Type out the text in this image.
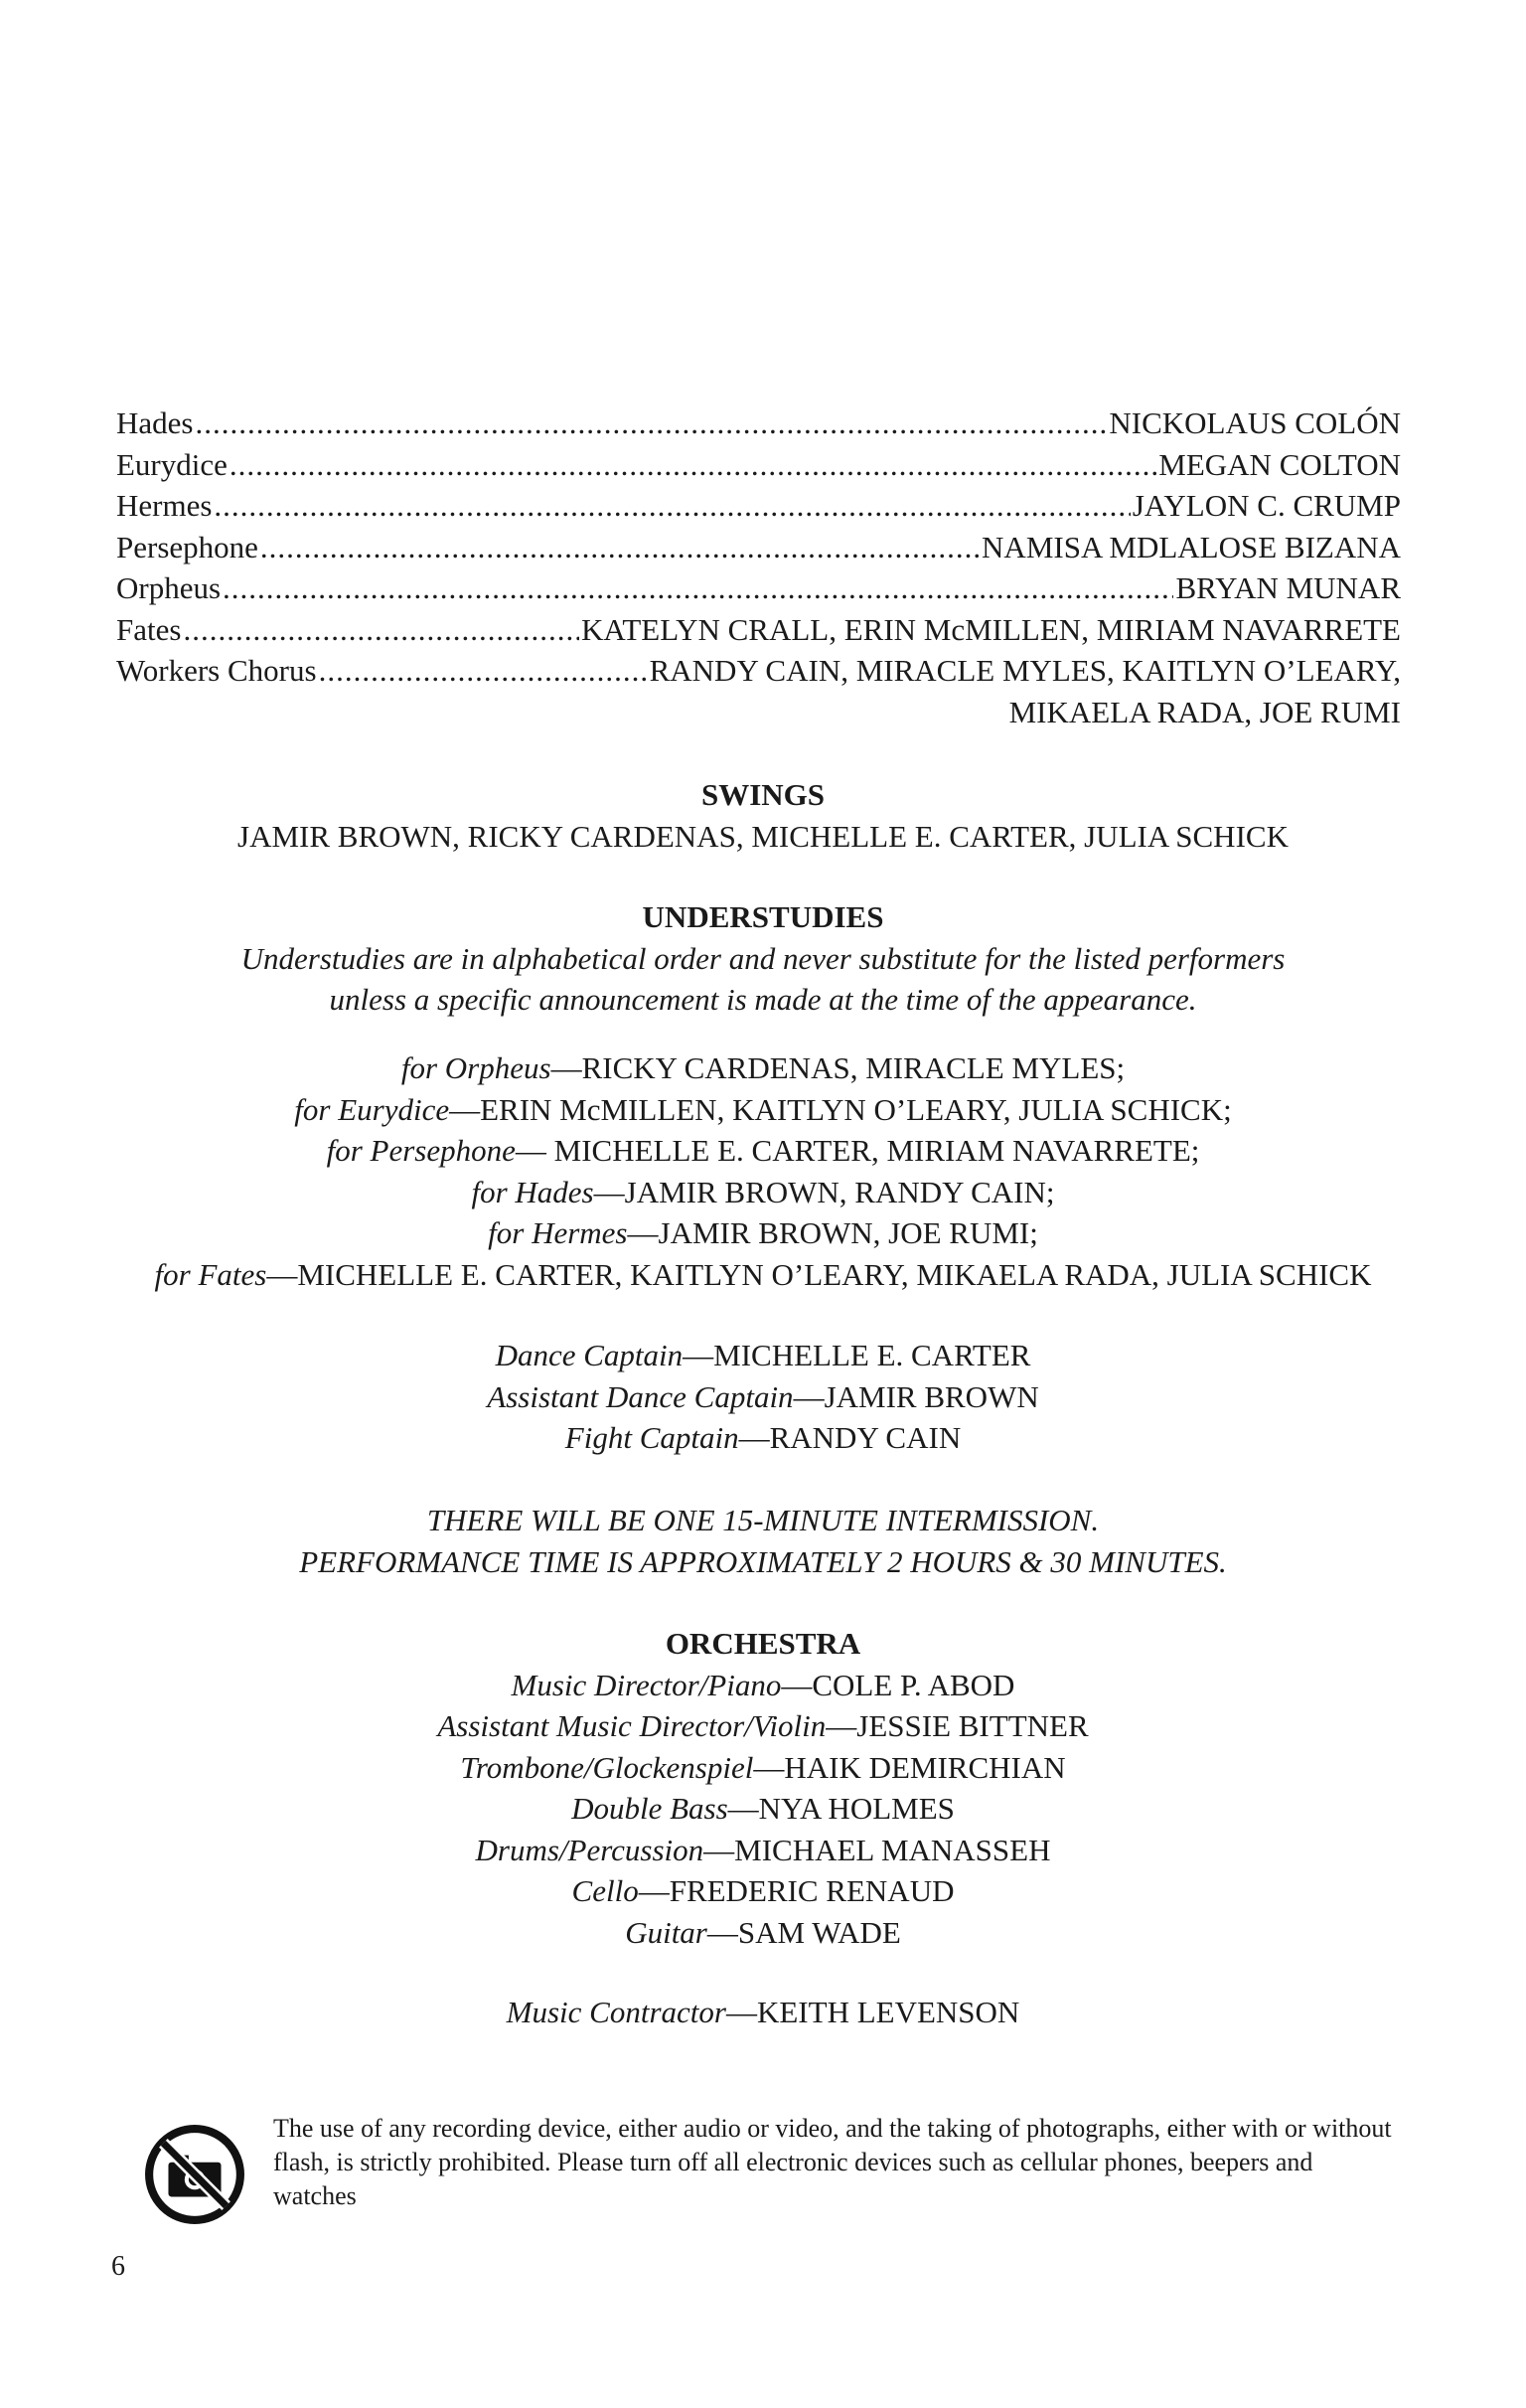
Hades .....	NICKOLAUS COLÓN
Eurydice .....	MEGAN COLTON
Hermes .....	JAYLON C. CRUMP
Persephone .....	NAMISA MDLALOSE BIZANA
Orpheus .....	BRYAN MUNAR
Fates .....	KATELYN CRALL, ERIN McMILLEN, MIRIAM NAVARRETE
Workers Chorus .....	RANDY CAIN, MIRACLE MYLES, KAITLYN O’LEARY,
MIKAELA RADA, JOE RUMI
SWINGS
JAMIR BROWN, RICKY CARDENAS, MICHELLE E. CARTER, JULIA SCHICK
UNDERSTUDIES
Understudies are in alphabetical order and never substitute for the listed performers
unless a specific announcement is made at the time of the appearance.
for Orpheus—RICKY CARDENAS, MIRACLE MYLES;
for Eurydice—ERIN McMILLEN, KAITLYN O’LEARY, JULIA SCHICK;
for Persephone— MICHELLE E. CARTER, MIRIAM NAVARRETE;
for Hades—JAMIR BROWN, RANDY CAIN;
for Hermes—JAMIR BROWN, JOE RUMI;
for Fates—MICHELLE E. CARTER, KAITLYN O’LEARY, MIKAELA RADA, JULIA SCHICK
Dance Captain—MICHELLE E. CARTER
Assistant Dance Captain—JAMIR BROWN
Fight Captain—RANDY CAIN
THERE WILL BE ONE 15-MINUTE INTERMISSION.
PERFORMANCE TIME IS APPROXIMATELY 2 HOURS & 30 MINUTES.
ORCHESTRA
Music Director/Piano—COLE P. ABOD
Assistant Music Director/Violin—JESSIE BITTNER
Trombone/Glockenspiel—HAIK DEMIRCHIAN
Double Bass—NYA HOLMES
Drums/Percussion—MICHAEL MANASSEH
Cello—FREDERIC RENAUD
Guitar—SAM WADE
Music Contractor—KEITH LEVENSON
The use of any recording device, either audio or video, and the taking of photographs, either with or without flash, is strictly prohibited. Please turn off all electronic devices such as cellular phones, beepers and watches
6
